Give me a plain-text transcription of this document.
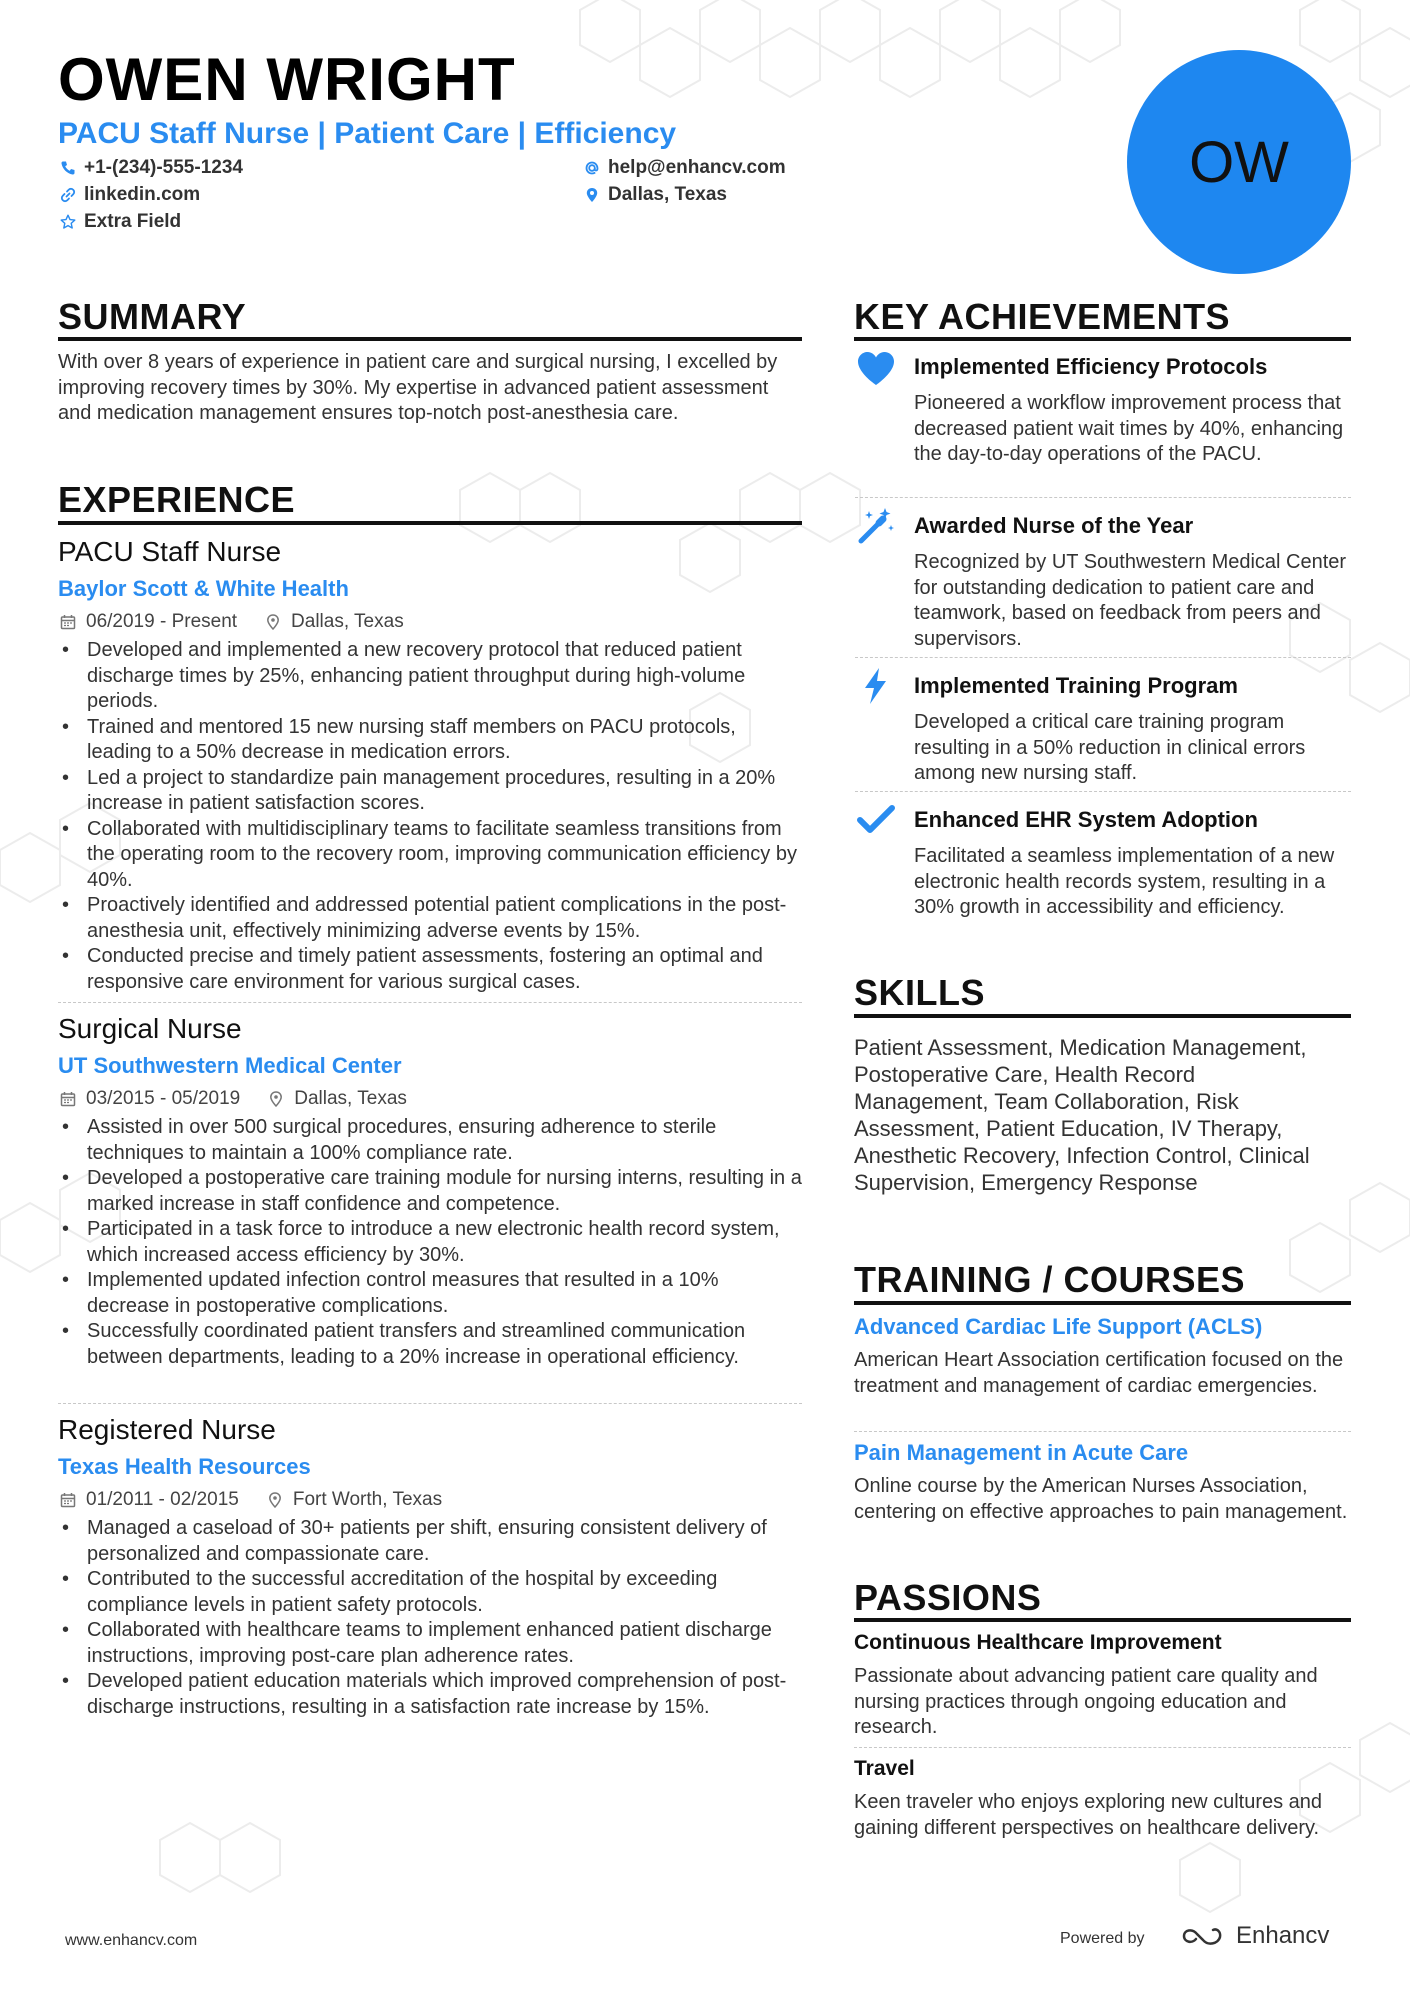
OWEN WRIGHT
PACU Staff Nurse | Patient Care | Efficiency
+1-(234)-555-1234	help@enhancv.com
linkedin.com	Dallas, Texas
Extra Field
OW
SUMMARY

With over 8 years of experience in patient care and surgical nursing, I excelled by improving recovery times by 30%. My expertise in advanced patient assessment and medication management ensures top-notch post-anesthesia care.

EXPERIENCE
PACU Staff Nurse
Baylor Scott & White Health
06/2019 - Present	Dallas, Texas
• Developed and implemented a new recovery protocol that reduced patient discharge times by 25%, enhancing patient throughput during high-volume periods.
• Trained and mentored 15 new nursing staff members on PACU protocols, leading to a 50% decrease in medication errors.
• Led a project to standardize pain management procedures, resulting in a 20% increase in patient satisfaction scores.
• Collaborated with multidisciplinary teams to facilitate seamless transitions from the operating room to the recovery room, improving communication efficiency by 40%.
• Proactively identified and addressed potential patient complications in the post-anesthesia unit, effectively minimizing adverse events by 15%.
• Conducted precise and timely patient assessments, fostering an optimal and responsive care environment for various surgical cases.
Surgical Nurse
UT Southwestern Medical Center
03/2015 - 05/2019	Dallas, Texas
• Assisted in over 500 surgical procedures, ensuring adherence to sterile techniques to maintain a 100% compliance rate.
• Developed a postoperative care training module for nursing interns, resulting in a marked increase in staff confidence and competence.
• Participated in a task force to introduce a new electronic health record system, which increased access efficiency by 30%.
• Implemented updated infection control measures that resulted in a 10% decrease in postoperative complications.
• Successfully coordinated patient transfers and streamlined communication between departments, leading to a 20% increase in operational efficiency.
Registered Nurse
Texas Health Resources
01/2011 - 02/2015	Fort Worth, Texas
• Managed a caseload of 30+ patients per shift, ensuring consistent delivery of personalized and compassionate care.
• Contributed to the successful accreditation of the hospital by exceeding compliance levels in patient safety protocols.
• Collaborated with healthcare teams to implement enhanced patient discharge instructions, improving post-care plan adherence rates.
• Developed patient education materials which improved comprehension of post-discharge instructions, resulting in a satisfaction rate increase by 15%.
KEY ACHIEVEMENTS
Implemented Efficiency Protocols

Pioneered a workflow improvement process that decreased patient wait times by 40%, enhancing the day-to-day operations of the PACU.

Awarded Nurse of the Year

Recognized by UT Southwestern Medical Center for outstanding dedication to patient care and teamwork, based on feedback from peers and supervisors.

Implemented Training Program

Developed a critical care training program resulting in a 50% reduction in clinical errors among new nursing staff.

Enhanced EHR System Adoption

Facilitated a seamless implementation of a new electronic health records system, resulting in a 30% growth in accessibility and efficiency.

SKILLS

Patient Assessment, Medication Management, Postoperative Care, Health Record Management, Team Collaboration, Risk Assessment, Patient Education, IV Therapy, Anesthetic Recovery, Infection Control, Clinical Supervision, Emergency Response

TRAINING / COURSES
Advanced Cardiac Life Support (ACLS)

American Heart Association certification focused on the treatment and management of cardiac emergencies.

Pain Management in Acute Care

Online course by the American Nurses Association, centering on effective approaches to pain management.

PASSIONS
Continuous Healthcare Improvement

Passionate about advancing patient care quality and nursing practices through ongoing education and research.

Travel

Keen traveler who enjoys exploring new cultures and gaining different perspectives on healthcare delivery.

www.enhancv.com	Powered by	Enhancv
